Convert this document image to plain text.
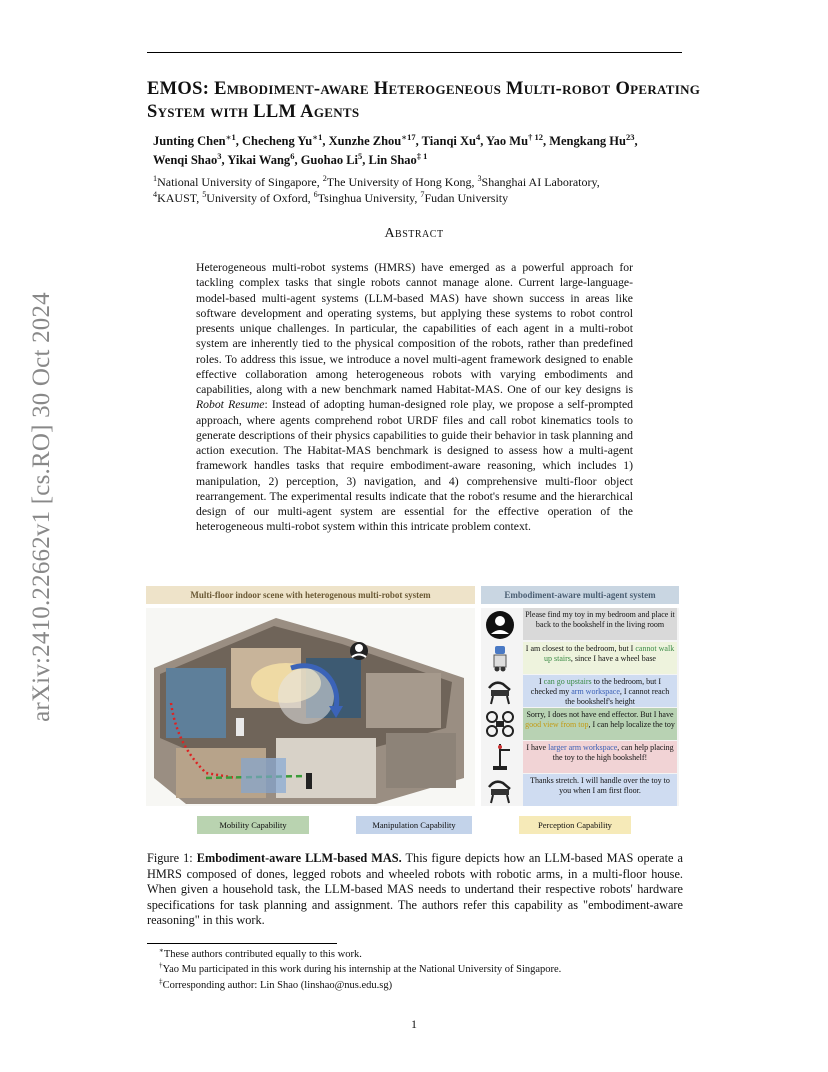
arXiv:2410.22662v1 [cs.RO] 30 Oct 2024
EMOS: Embodiment-aware Heterogeneous Multi-robot Operating System with LLM Agents
Junting Chen$^{∗1}$, Checheng $Yu^{∗1}$, Xunzhe Zhou$^{∗17}$, Tianqi Xu$^4$, Yao Mu$^{\dagger 12}$, Mengkang Hu$^{23}$,
Wenqi Shao$^3$, Yikai Wang$^6$, Guohao Li$^5$, Lin Shao$^{\ddagger 1}$
$^1$National University of Singapore, $^2$The University of Hong Kong, $^3$Shanghai AI Laboratory,
$^4$KAUST, $^5$University of Oxford, $^6$Tsinghua University, $^7$Fudan University
Abstract
Heterogeneous multi-robot systems (HMRS) have emerged as a powerful approach for tackling complex tasks that single robots cannot manage alone. Current large-language-model-based multi-agent systems (LLM-based MAS) have shown success in areas like software development and operating systems, but applying these systems to robot control presents unique challenges. In particular, the capabilities of each agent in a multi-robot system are inherently tied to the physical composition of the robots, rather than predefined roles. To address this issue, we introduce a novel multi-agent framework designed to enable effective collaboration among heterogeneous robots with varying embodiments and capabilities, along with a new benchmark named Habitat-MAS. One of our key designs is Robot Resume: Instead of adopting human-designed role play, we propose a self-prompted approach, where agents comprehend robot URDF files and call robot kinematics tools to generate descriptions of their physics capabilities to guide their behavior in task planning and action execution. The Habitat-MAS benchmark is designed to assess how a multi-agent framework handles tasks that require embodiment-aware reasoning, which includes 1) manipulation, 2) perception, 3) navigation, and 4) comprehensive multi-floor object rearrangement. The experimental results indicate that the robot's resume and the hierarchical design of our multi-agent system are essential for the effective operation of the heterogeneous multi-robot system within this intricate problem context.
Multi-floor indoor scene with heterogenous multi-robot system	Embodiment-aware multi-agent system
Please find my toy in my bedroom and place it back to the bookshelf in the living room
I am closest to the bedroom, but I cannot walk up stairs, since I have a wheel base
I can go upstairs to the bedroom, but I checked my arm workspace, I cannot reach the bookshelf's height
Sorry, I does not have end effector. But I have good view from top, I can help localize the toy
I have larger arm workspace, can help placing the toy to the high bookshelf!
Thanks stretch. I will handle over the toy to you when I am first floor.
Mobility Capability	Manipulation Capability	Perception Capability
Figure 1: Embodiment-aware LLM-based MAS. This figure depicts how an LLM-based MAS operate a HMRS composed of dones, legged robots and wheeled robots with robotic arms, in a multi-floor house. When given a household task, the LLM-based MAS needs to undertand their respective robots' hardware specifications for task planning and assignment. The authors refer this capability as "embodiment-aware reasoning" in this work.
∗These authors contributed equally to this work.
†Yao Mu participated in this work during his internship at the National University of Singapore.
‡Corresponding author: Lin Shao (linshao@nus.edu.sg)
1
